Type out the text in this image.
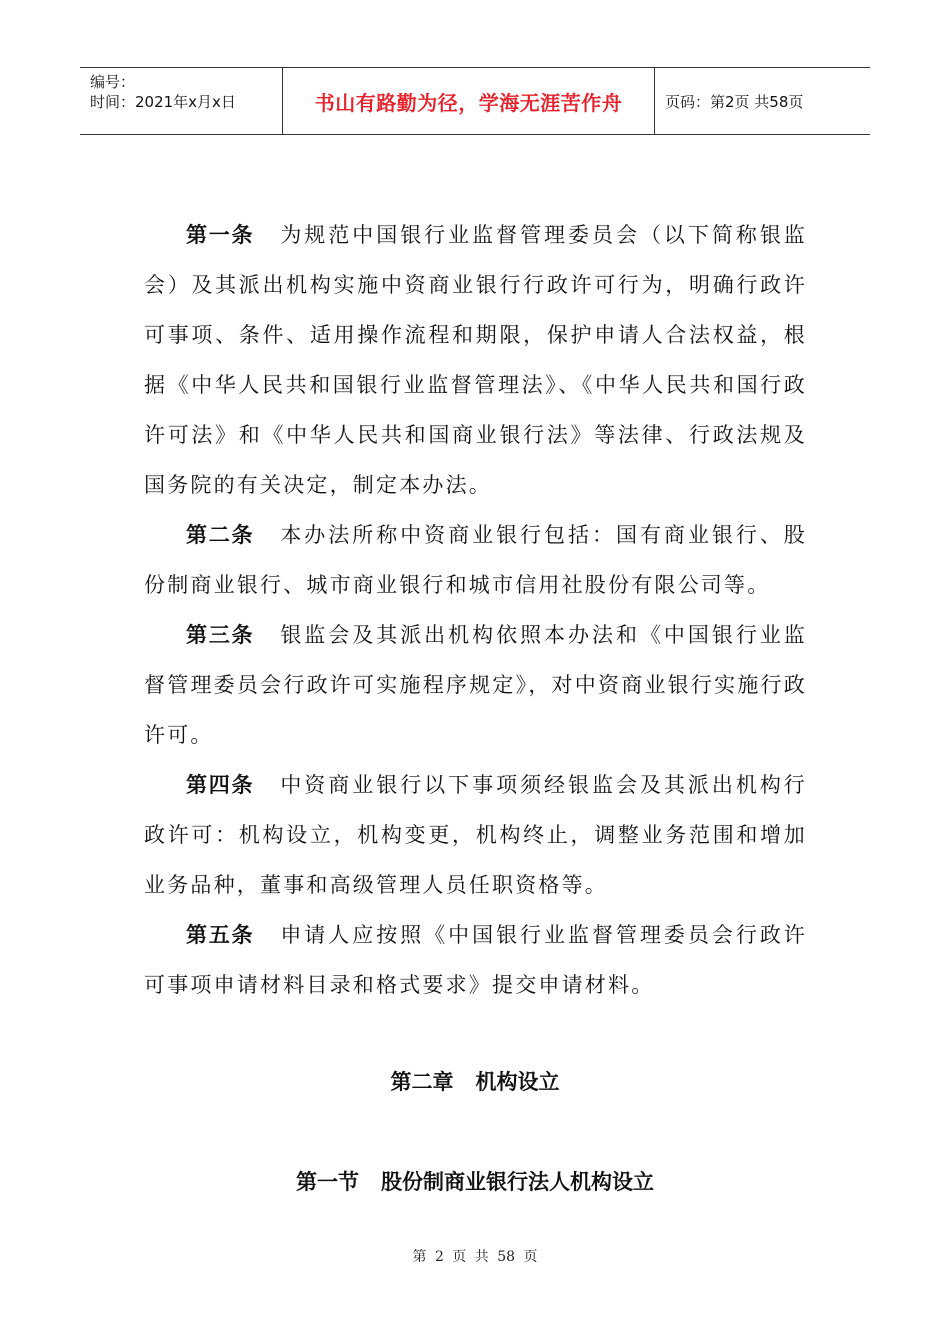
编号：
时间：2021年x月x日	书山有路勤为径，学海无涯苦作舟	页码：第2页 共58页

第一条 为规范中国银行业监督管理委员会（以下简称银监会）及其派出机构实施中资商业银行行政许可行为，明确行政许可事项、条件、适用操作流程和期限，保护申请人合法权益，根据《中华人民共和国银行业监督管理法》、《中华人民共和国行政许可法》和《中华人民共和国商业银行法》等法律、行政法规及国务院的有关决定，制定本办法。

第二条 本办法所称中资商业银行包括：国有商业银行、股份制商业银行、城市商业银行和城市信用社股份有限公司等。

第三条 银监会及其派出机构依照本办法和《中国银行业监督管理委员会行政许可实施程序规定》，对中资商业银行实施行政许可。

第四条 中资商业银行以下事项须经银监会及其派出机构行政许可：机构设立，机构变更，机构终止，调整业务范围和增加业务品种，董事和高级管理人员任职资格等。

第五条 申请人应按照《中国银行业监督管理委员会行政许可事项申请材料目录和格式要求》提交申请材料。

第二章 机构设立
第一节 股份制商业银行法人机构设立
第 2 页 共 58 页
